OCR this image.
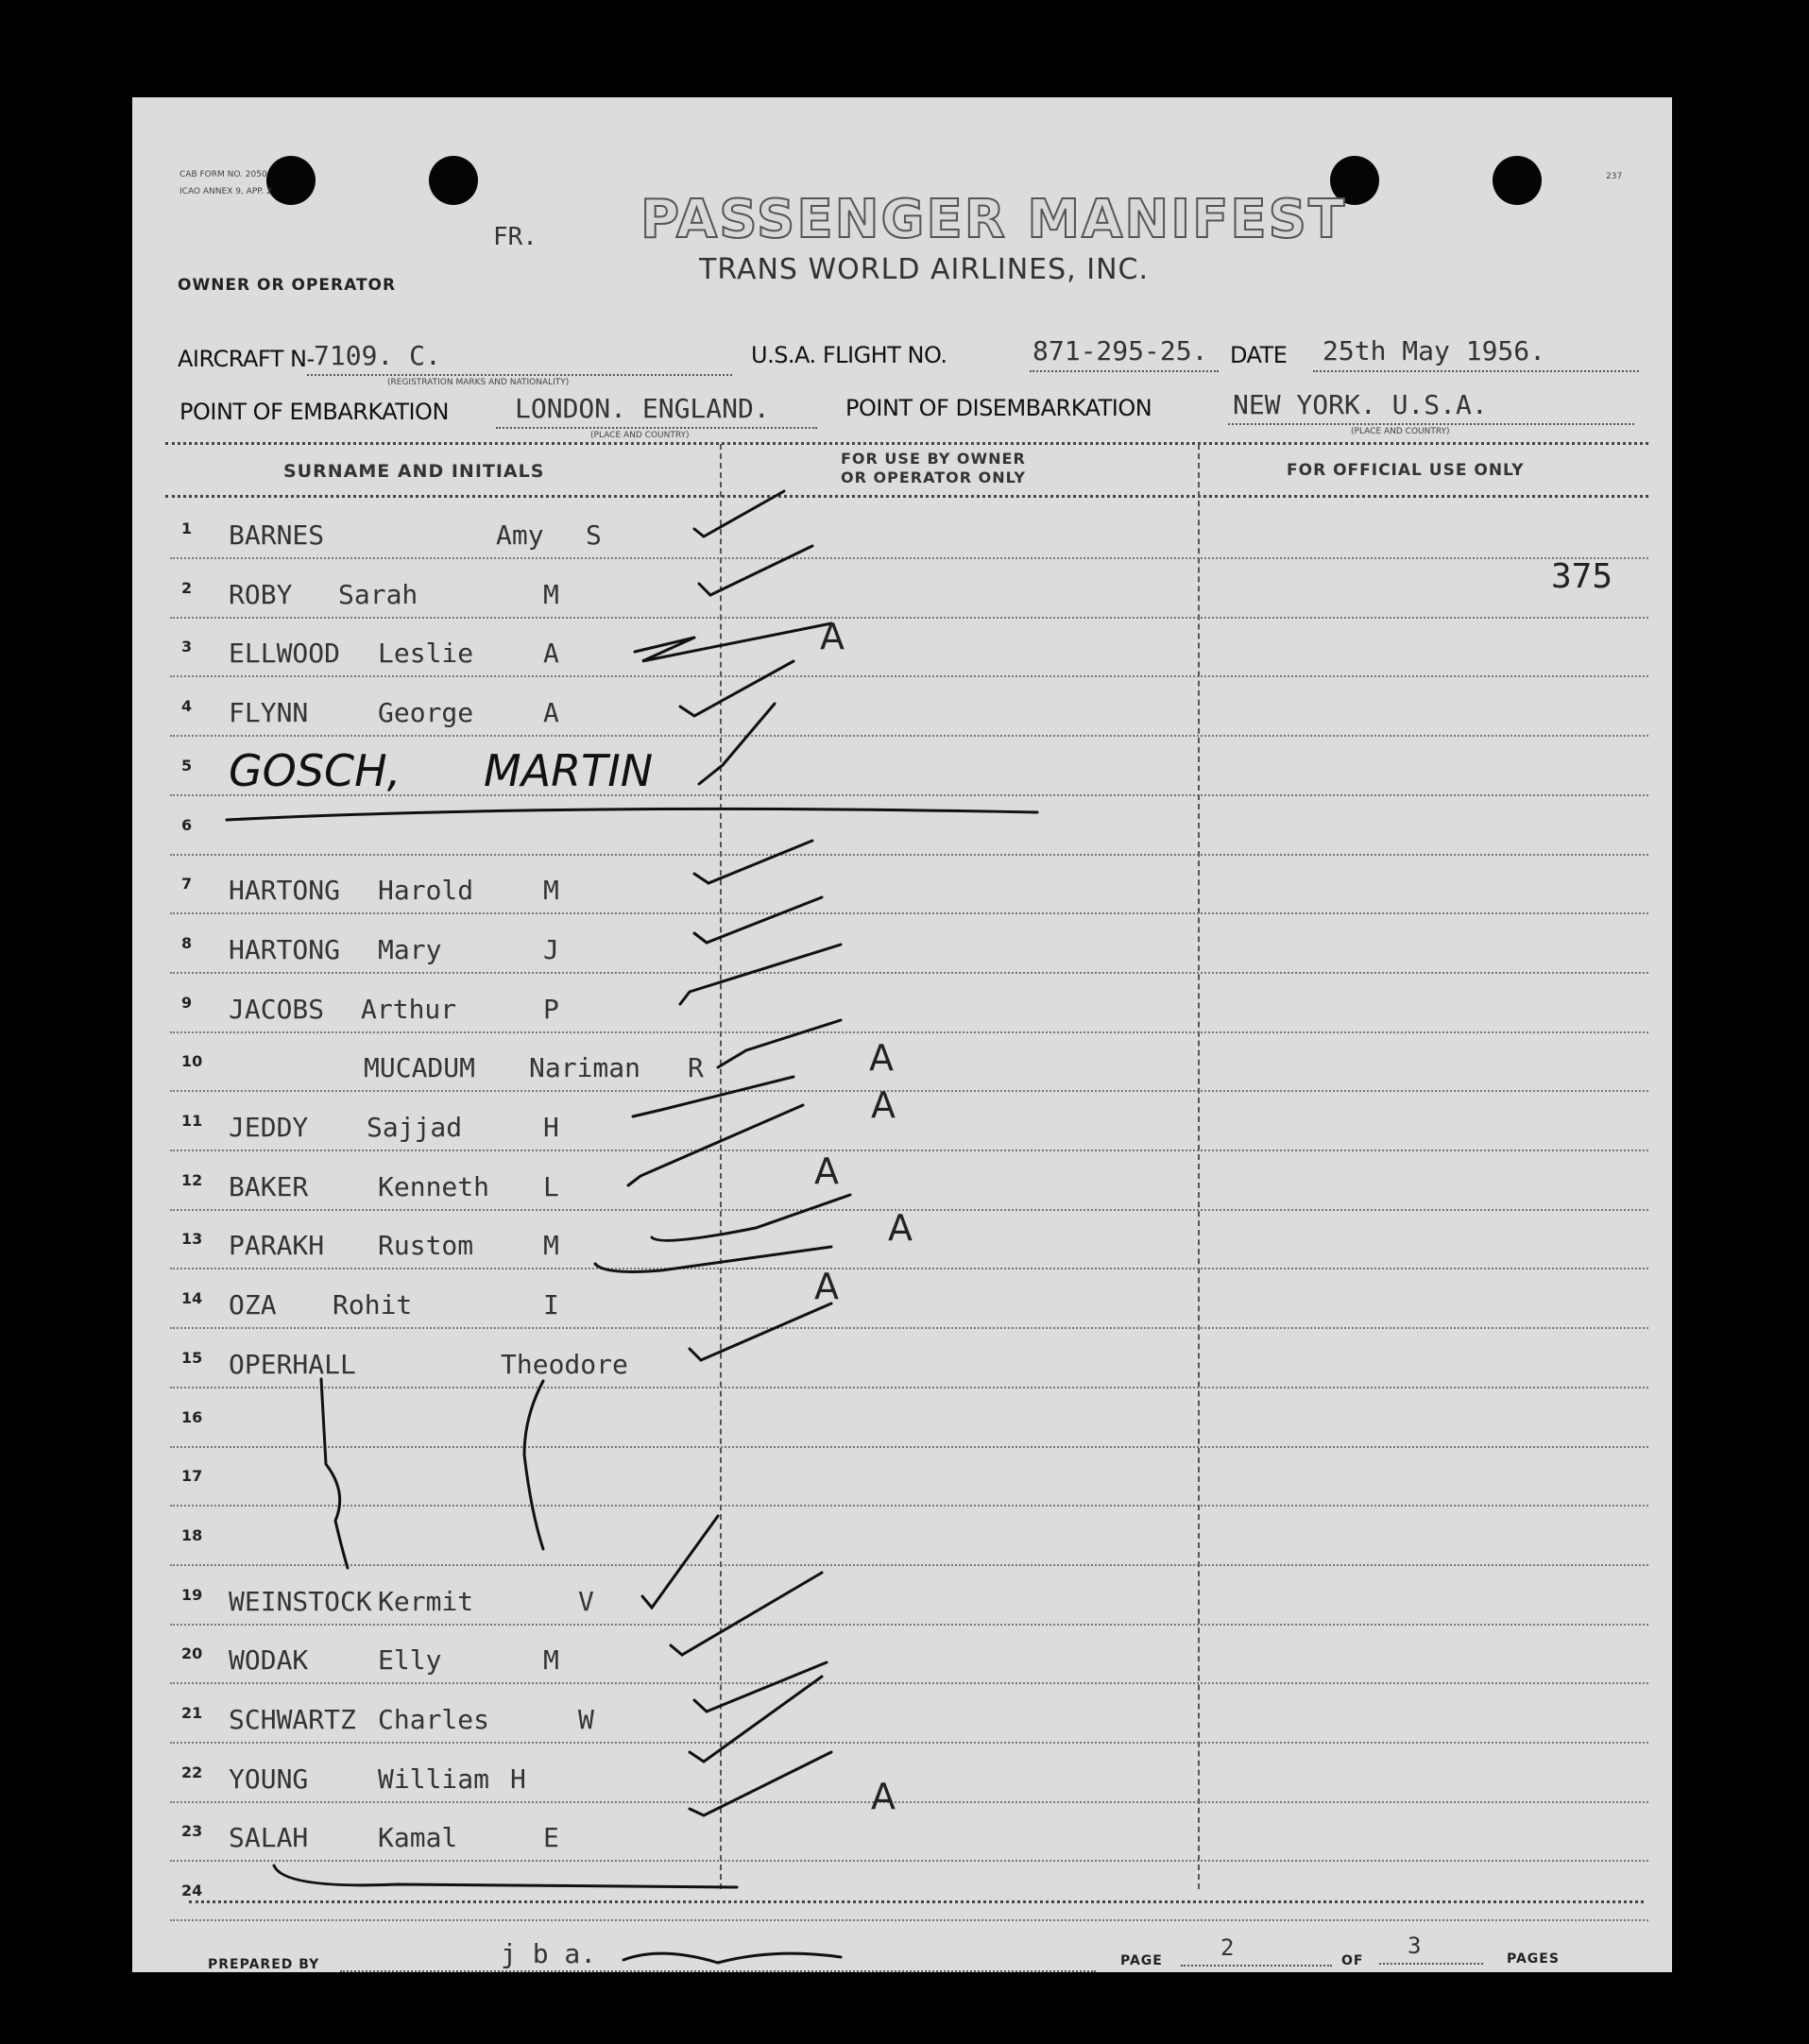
CAB FORM NO. 2050
ICAO ANNEX 9, APP. 2
237
FR. PASSENGER MANIFEST
TRANS WORLD AIRLINES, INC.
OWNER OR OPERATOR
AIRCRAFT N- 7109. C.
(REGISTRATION MARKS AND NATIONALITY)
U.S.A. FLIGHT NO.	871-295-25. DATE 25th May 1956.
POINT OF EMBARKATION	LONDON. ENGLAND.
(PLACE AND COUNTRY)
POINT OF DISEMBARKATION	NEW YORK. U.S.A.
(PLACE AND COUNTRY)
SURNAME AND INITIALS
FOR USE BY OWNER
OR OPERATOR ONLY	FOR OFFICIAL USE ONLY
1 BARNES	Amy S
2 ROBY Sarah	M
3 ELLWOOD Leslie	A
4 FLYNN	George	A
5 GOSCH, MARTIN
6
7 HARTONG Harold	M
8 HARTONG Mary	J
9 JACOBS Arthur	P
10	MUCADUM Nariman R
11 JEDDY Sajjad	H
12 BAKER	Kenneth L
13 PARAKH Rustom	M
14 OZA Rohit	I
15 OPERHALL	Theodore
16
17
18
19 WEINSTOCK Kermit	V
20 WODAK	Elly	M
21 SCHWARTZ Charles	W
22 YOUNG	William H
23 SALAH	Kamal	E
24
375
A
A
A
A
A
A
A
PREPARED BY	j b a.	PAGE	2	OF
3	PAGES
